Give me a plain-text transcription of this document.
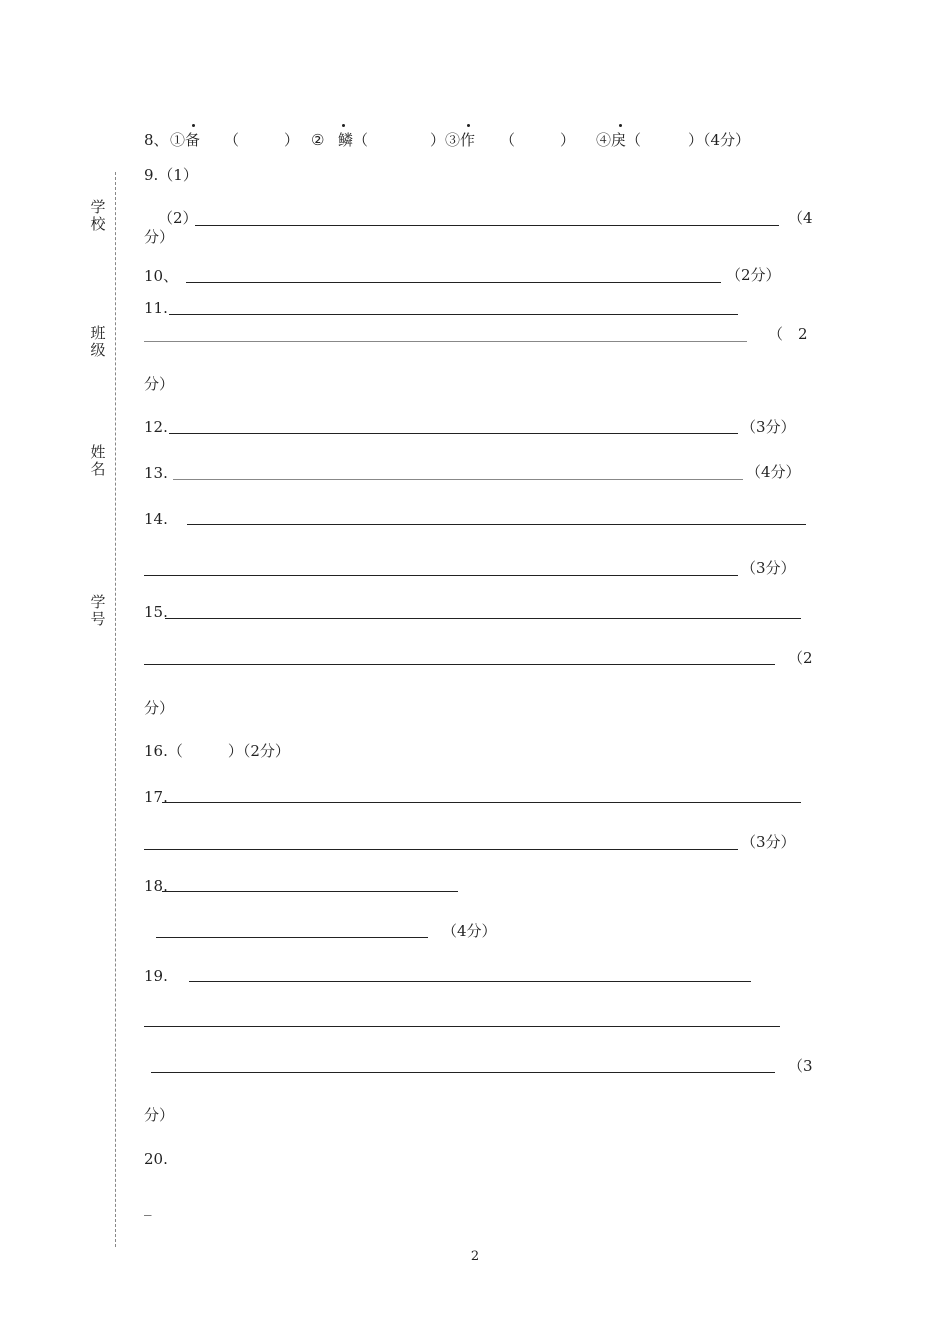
学校
班级
姓名
学号
8、 ①备 （　　　） ② 鳞（	）③作 （　　　） ④戾（	）（4分）
9.（1）
（2）	（4
分）
10、	（2分）
11.
（　2
分）
12.	（3分）
13.	（4分）
14.
（3分）
15.
（2
分）
16.（　　　）（2分）
17.
（3分）
18.
（4分）
19.
（3
分）
20.
_
2
